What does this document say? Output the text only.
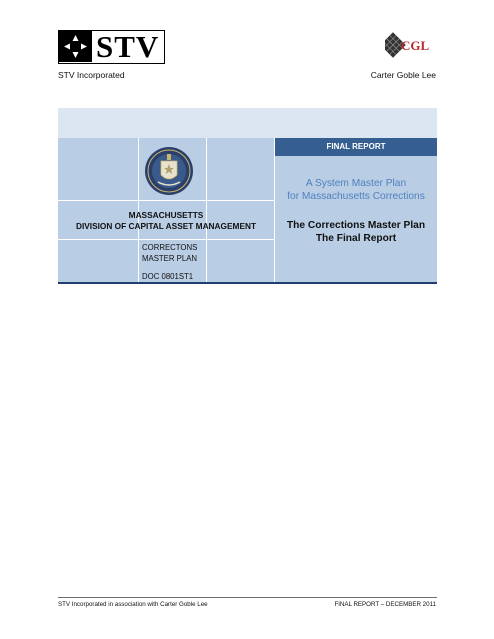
STV
STV Incorporated
CGL
Carter Goble Lee
FINAL REPORT
MASSACHUSETTS
DIVISION OF CAPITAL ASSET MANAGEMENT
CORRECTONS
MASTER PLAN
DOC 0801ST1
A System Master Plan
for Massachusetts Corrections
The Corrections Master Plan
The Final Report
STV Incorporated in association with Carter Goble Lee	FINAL REPORT – DECEMBER 2011
